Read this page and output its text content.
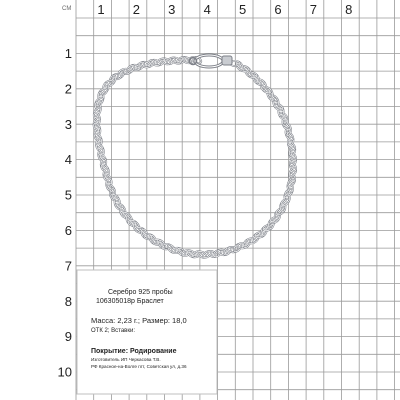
CM 1 2 3 4 5 6 7 8
1
2
3
4
5
6
7
8
9
10
Серебро 925 пробы
106305018p Браслет
Масса: 2,23 г.; Размер: 18,0
ОТК 2; Вставки:
Покрытие: Родирование
Изготовитель ИП Черкасова Т.В.
РФ Красное-на-Волге пгт, Советская ул, д.36
